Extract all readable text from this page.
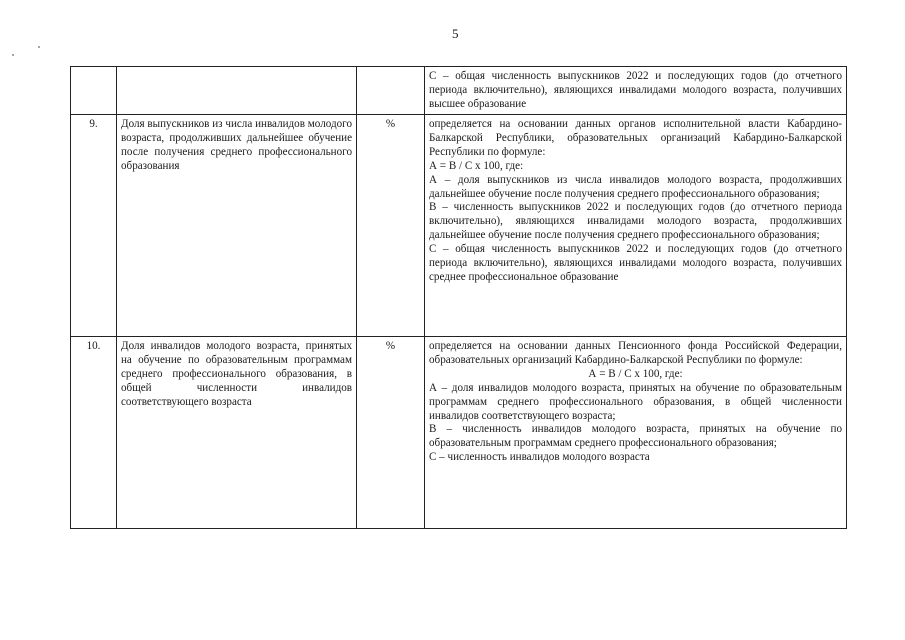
5

			С – общая численность выпускников 2022 и последующих годов (до отчетного периода включительно), являющихся инвалидами молодого возраста, получивших высшее образование

9.	Доля выпускников из числа инвалидов молодого возраста, продолживших дальнейшее обучение после получения среднего профессионального образования	%	определяется на основании данных органов исполнительной власти Кабардино-Балкарской Республики, образовательных организаций Кабардино-Балкарской Республики по формуле:
А = В / С х 100, где:
А – доля выпускников из числа инвалидов молодого возраста, продолживших дальнейшее обучение после получения среднего профессионального образования;
В – численность выпускников 2022 и последующих годов (до отчетного периода включительно), являющихся инвалидами молодого возраста, продолживших дальнейшее обучение после получения среднего профессионального образования;
С – общая численность выпускников 2022 и последующих годов (до отчетного периода включительно), являющихся инвалидами молодого возраста, получивших среднее профессиональное образование

10.	Доля инвалидов молодого возраста, принятых на обучение по образовательным программам среднего профессионального образования, в общей численности инвалидов соответствующего возраста	%	определяется на основании данных Пенсионного фонда Российской Федерации, образовательных организаций Кабардино-Балкарской Республики по формуле:
А = В / С х 100, где:
А – доля инвалидов молодого возраста, принятых на обучение по образовательным программам среднего профессионального образования, в общей численности инвалидов соответствующего возраста;
В – численность инвалидов молодого возраста, принятых на обучение по образовательным программам среднего профессионального образования;
С – численность инвалидов молодого возраста
